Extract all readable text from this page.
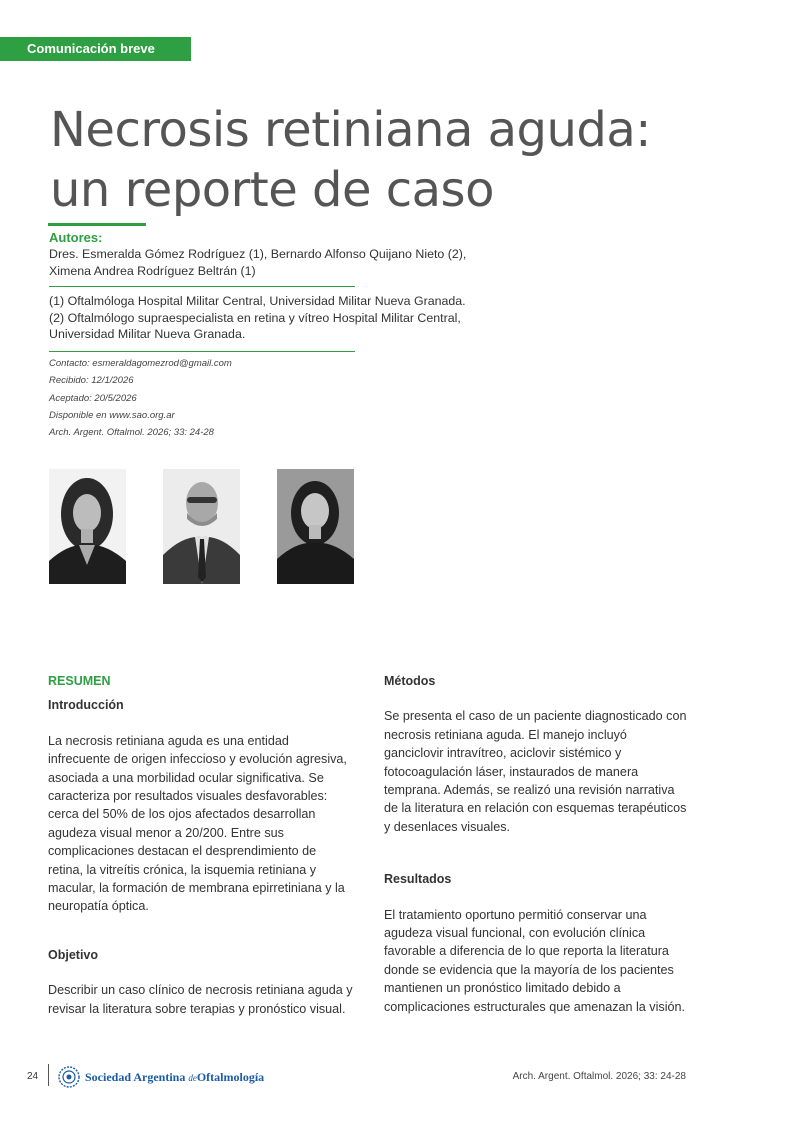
Comunicación breve
Necrosis retiniana aguda:
un reporte de caso
Autores:
Dres. Esmeralda Gómez Rodríguez (1), Bernardo Alfonso Quijano Nieto (2),
Ximena Andrea Rodríguez Beltrán (1)
(1) Oftalmóloga Hospital Militar Central, Universidad Militar Nueva Granada.
(2) Oftalmólogo supraespecialista en retina y vítreo Hospital Militar Central,
Universidad Militar Nueva Granada.
Contacto: esmeraldagomezrod@gmail.com
Recibido: 12/1/2026
Aceptado: 20/5/2026
Disponible en www.sao.org.ar
Arch. Argent. Oftalmol. 2026; 33: 24-28

RESUMEN

Introducción

La necrosis retiniana aguda es una entidad infrecuente de origen infeccioso y evolución agresiva, asociada a una morbilidad ocular significativa. Se caracteriza por resultados visuales desfavorables: cerca del 50% de los ojos afectados desarrollan agudeza visual menor a 20/200. Entre sus complicaciones destacan el desprendimiento de retina, la vitreítis crónica, la isquemia retiniana y macular, la formación de membrana epirretiniana y la neuropatía óptica.

Objetivo

Describir un caso clínico de necrosis retiniana aguda y revisar la literatura sobre terapias y pronóstico visual.

Métodos

Se presenta el caso de un paciente diagnosticado con necrosis retiniana aguda. El manejo incluyó ganciclovir intravítreo, aciclovir sistémico y fotocoagulación láser, instaurados de manera temprana. Además, se realizó una revisión narrativa de la literatura en relación con esquemas terapéuticos y desenlaces visuales.

Resultados

El tratamiento oportuno permitió conservar una agudeza visual funcional, con evolución clínica favorable a diferencia de lo que reporta la literatura donde se evidencia que la mayoría de los pacientes mantienen un pronóstico limitado debido a complicaciones estructurales que amenazan la visión.

24	Sociedad Argentina deOftalmología	Arch. Argent. Oftalmol. 2026; 33: 24-28
